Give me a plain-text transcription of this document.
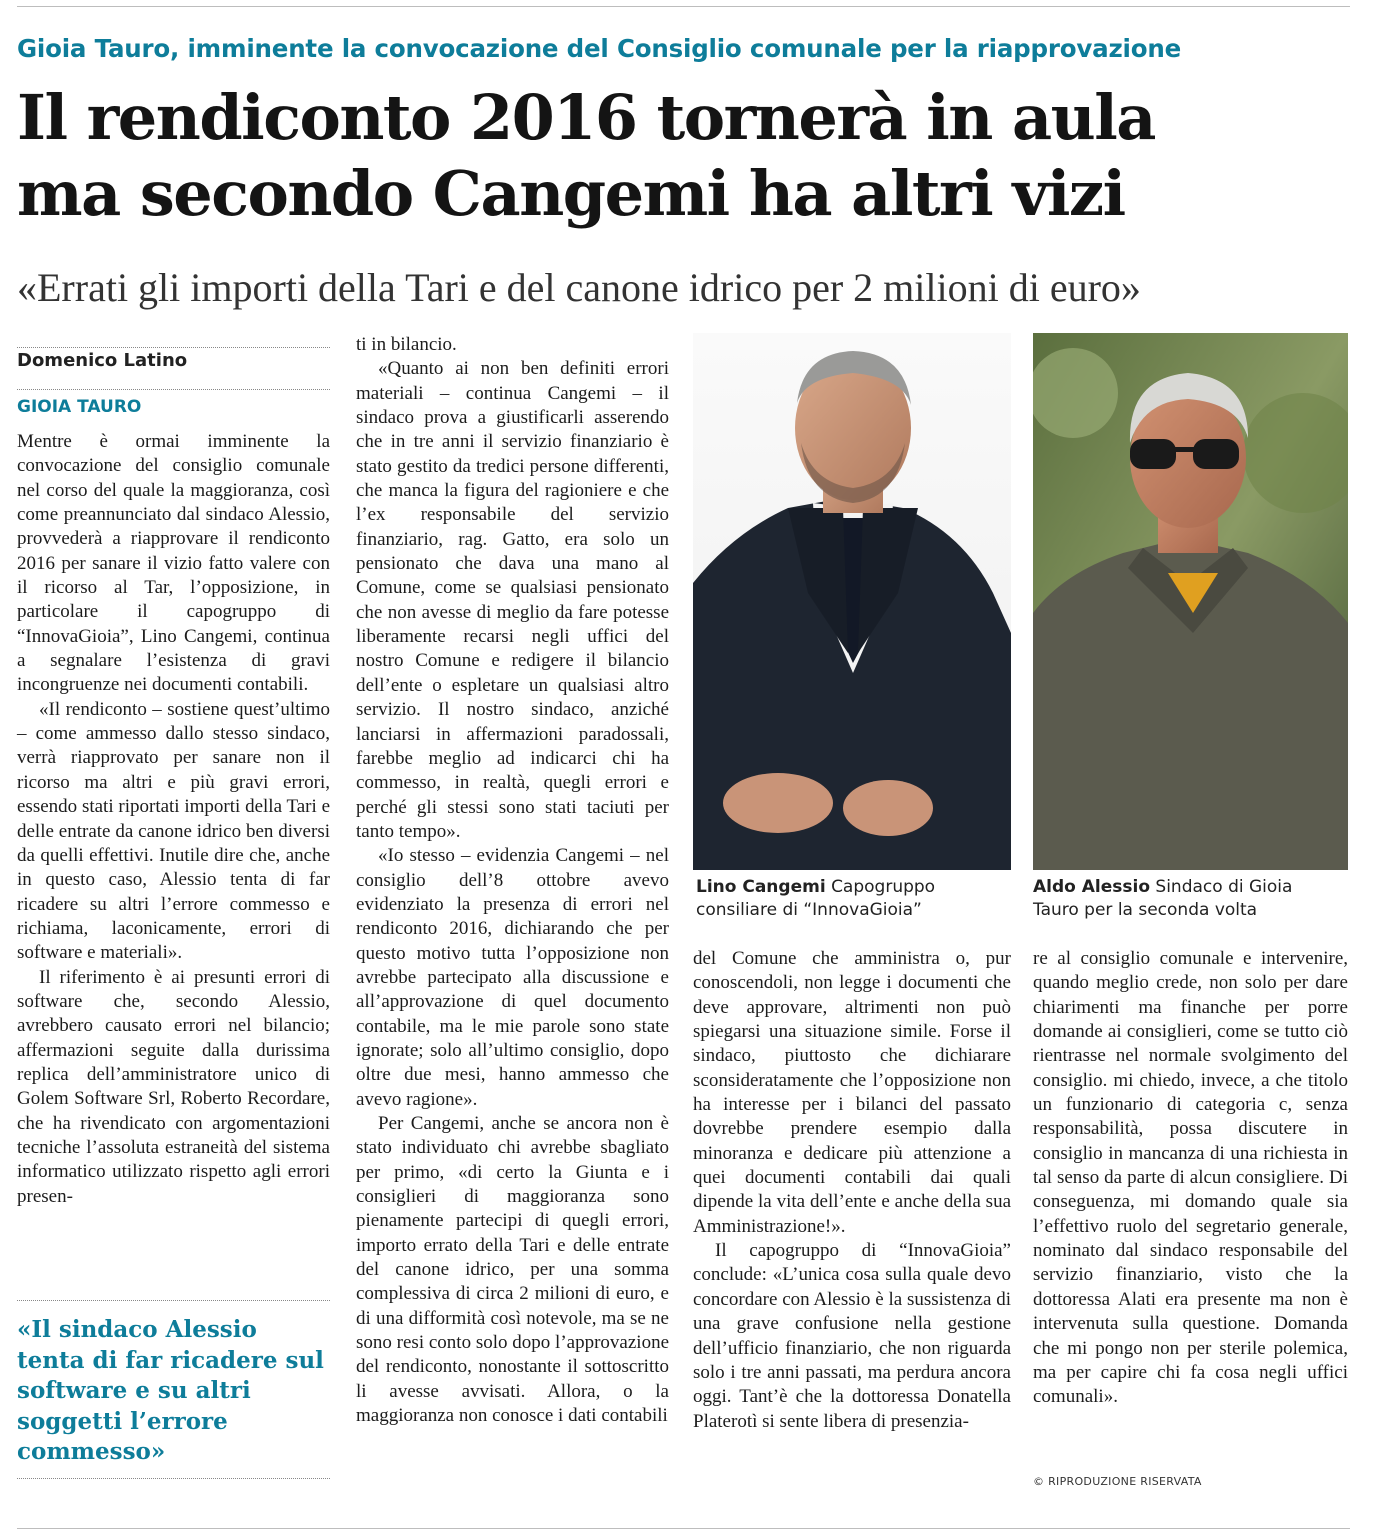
Gioia Tauro, imminente la convocazione del Consiglio comunale per la riapprovazione
Il rendiconto 2016 tornerà in aula
ma secondo Cangemi ha altri vizi
«Errati gli importi della Tari e del canone idrico per 2 milioni di euro»
Domenico Latino
GIOIA TAURO

Mentre è ormai imminente la convocazione del consiglio comunale nel corso del quale la maggioranza, così come preannunciato dal sindaco Alessio, provvederà a riapprovare il rendiconto 2016 per sanare il vizio fatto valere con il ricorso al Tar, l’opposizione, in particolare il capogruppo di “InnovaGioia”, Lino Cangemi, continua a segnalare l’esistenza di gravi incongruenze nei documenti contabili.

«Il rendiconto – sostiene quest’ultimo – come ammesso dallo stesso sindaco, verrà riapprovato per sanare non il ricorso ma altri e più gravi errori, essendo stati riportati importi della Tari e delle entrate da canone idrico ben diversi da quelli effettivi. Inutile dire che, anche in questo caso, Alessio tenta di far ricadere su altri l’errore commesso e richiama, laconicamente, errori di software e materiali».

Il riferimento è ai presunti errori di software che, secondo Alessio, avrebbero causato errori nel bilancio; affermazioni seguite dalla durissima replica dell’amministratore unico di Golem Software Srl, Roberto Recordare, che ha rivendicato con argomentazioni tecniche l’assoluta estraneità del sistema informatico utilizzato rispetto agli errori presen-

«Il sindaco Alessio tenta di far ricadere sul software e su altri soggetti l’errore commesso»

ti in bilancio.

«Quanto ai non ben definiti errori materiali – continua Cangemi – il sindaco prova a giustificarli asserendo che in tre anni il servizio finanziario è stato gestito da tredici persone differenti, che manca la figura del ragioniere e che l’ex responsabile del servizio finanziario, rag. Gatto, era solo un pensionato che dava una mano al Comune, come se qualsiasi pensionato che non avesse di meglio da fare potesse liberamente recarsi negli uffici del nostro Comune e redigere il bilancio dell’ente o espletare un qualsiasi altro servizio. Il nostro sindaco, anziché lanciarsi in affermazioni paradossali, farebbe meglio ad indicarci chi ha commesso, in realtà, quegli errori e perché gli stessi sono stati taciuti per tanto tempo».

«Io stesso – evidenzia Cangemi – nel consiglio dell’8 ottobre avevo evidenziato la presenza di errori nel rendiconto 2016, dichiarando che per questo motivo tutta l’opposizione non avrebbe partecipato alla discussione e all’approvazione di quel documento contabile, ma le mie parole sono state ignorate; solo all’ultimo consiglio, dopo oltre due mesi, hanno ammesso che avevo ragione».

Per Cangemi, anche se ancora non è stato individuato chi avrebbe sbagliato per primo, «di certo la Giunta e i consiglieri di maggioranza sono pienamente partecipi di quegli errori, importo errato della Tari e delle entrate del canone idrico, per una somma complessiva di circa 2 milioni di euro, e di una difformità così notevole, ma se ne sono resi conto solo dopo l’approvazione del rendiconto, nonostante il sottoscritto li avesse avvisati. Allora, o la maggioranza non conosce i dati contabili

Lino Cangemi Capogruppo consiliare di “InnovaGioia”
Aldo Alessio Sindaco di Gioia Tauro per la seconda volta

del Comune che amministra o, pur conoscendoli, non legge i documenti che deve approvare, altrimenti non può spiegarsi una situazione simile. Forse il sindaco, piuttosto che dichiarare sconsideratamente che l’opposizione non ha interesse per i bilanci del passato dovrebbe prendere esempio dalla minoranza e dedicare più attenzione a quei documenti contabili dai quali dipende la vita dell’ente e anche della sua Amministrazione!».

Il capogruppo di “InnovaGioia” conclude: «L’unica cosa sulla quale devo concordare con Alessio è la sussistenza di una grave confusione nella gestione dell’ufficio finanziario, che non riguarda solo i tre anni passati, ma perdura ancora oggi. Tant’è che la dottoressa Donatella Platerotì si sente libera di presenzia-

re al consiglio comunale e intervenire, quando meglio crede, non solo per dare chiarimenti ma finanche per porre domande ai consiglieri, come se tutto ciò rientrasse nel normale svolgimento del consiglio. mi chiedo, invece, a che titolo un funzionario di categoria c, senza responsabilità, possa discutere in consiglio in mancanza di una richiesta in tal senso da parte di alcun consigliere. Di conseguenza, mi domando quale sia l’effettivo ruolo del segretario generale, nominato dal sindaco responsabile del servizio finanziario, visto che la dottoressa Alati era presente ma non è intervenuta sulla questione. Domanda che mi pongo non per sterile polemica, ma per capire chi fa cosa negli uffici comunali».

© RIPRODUZIONE RISERVATA
